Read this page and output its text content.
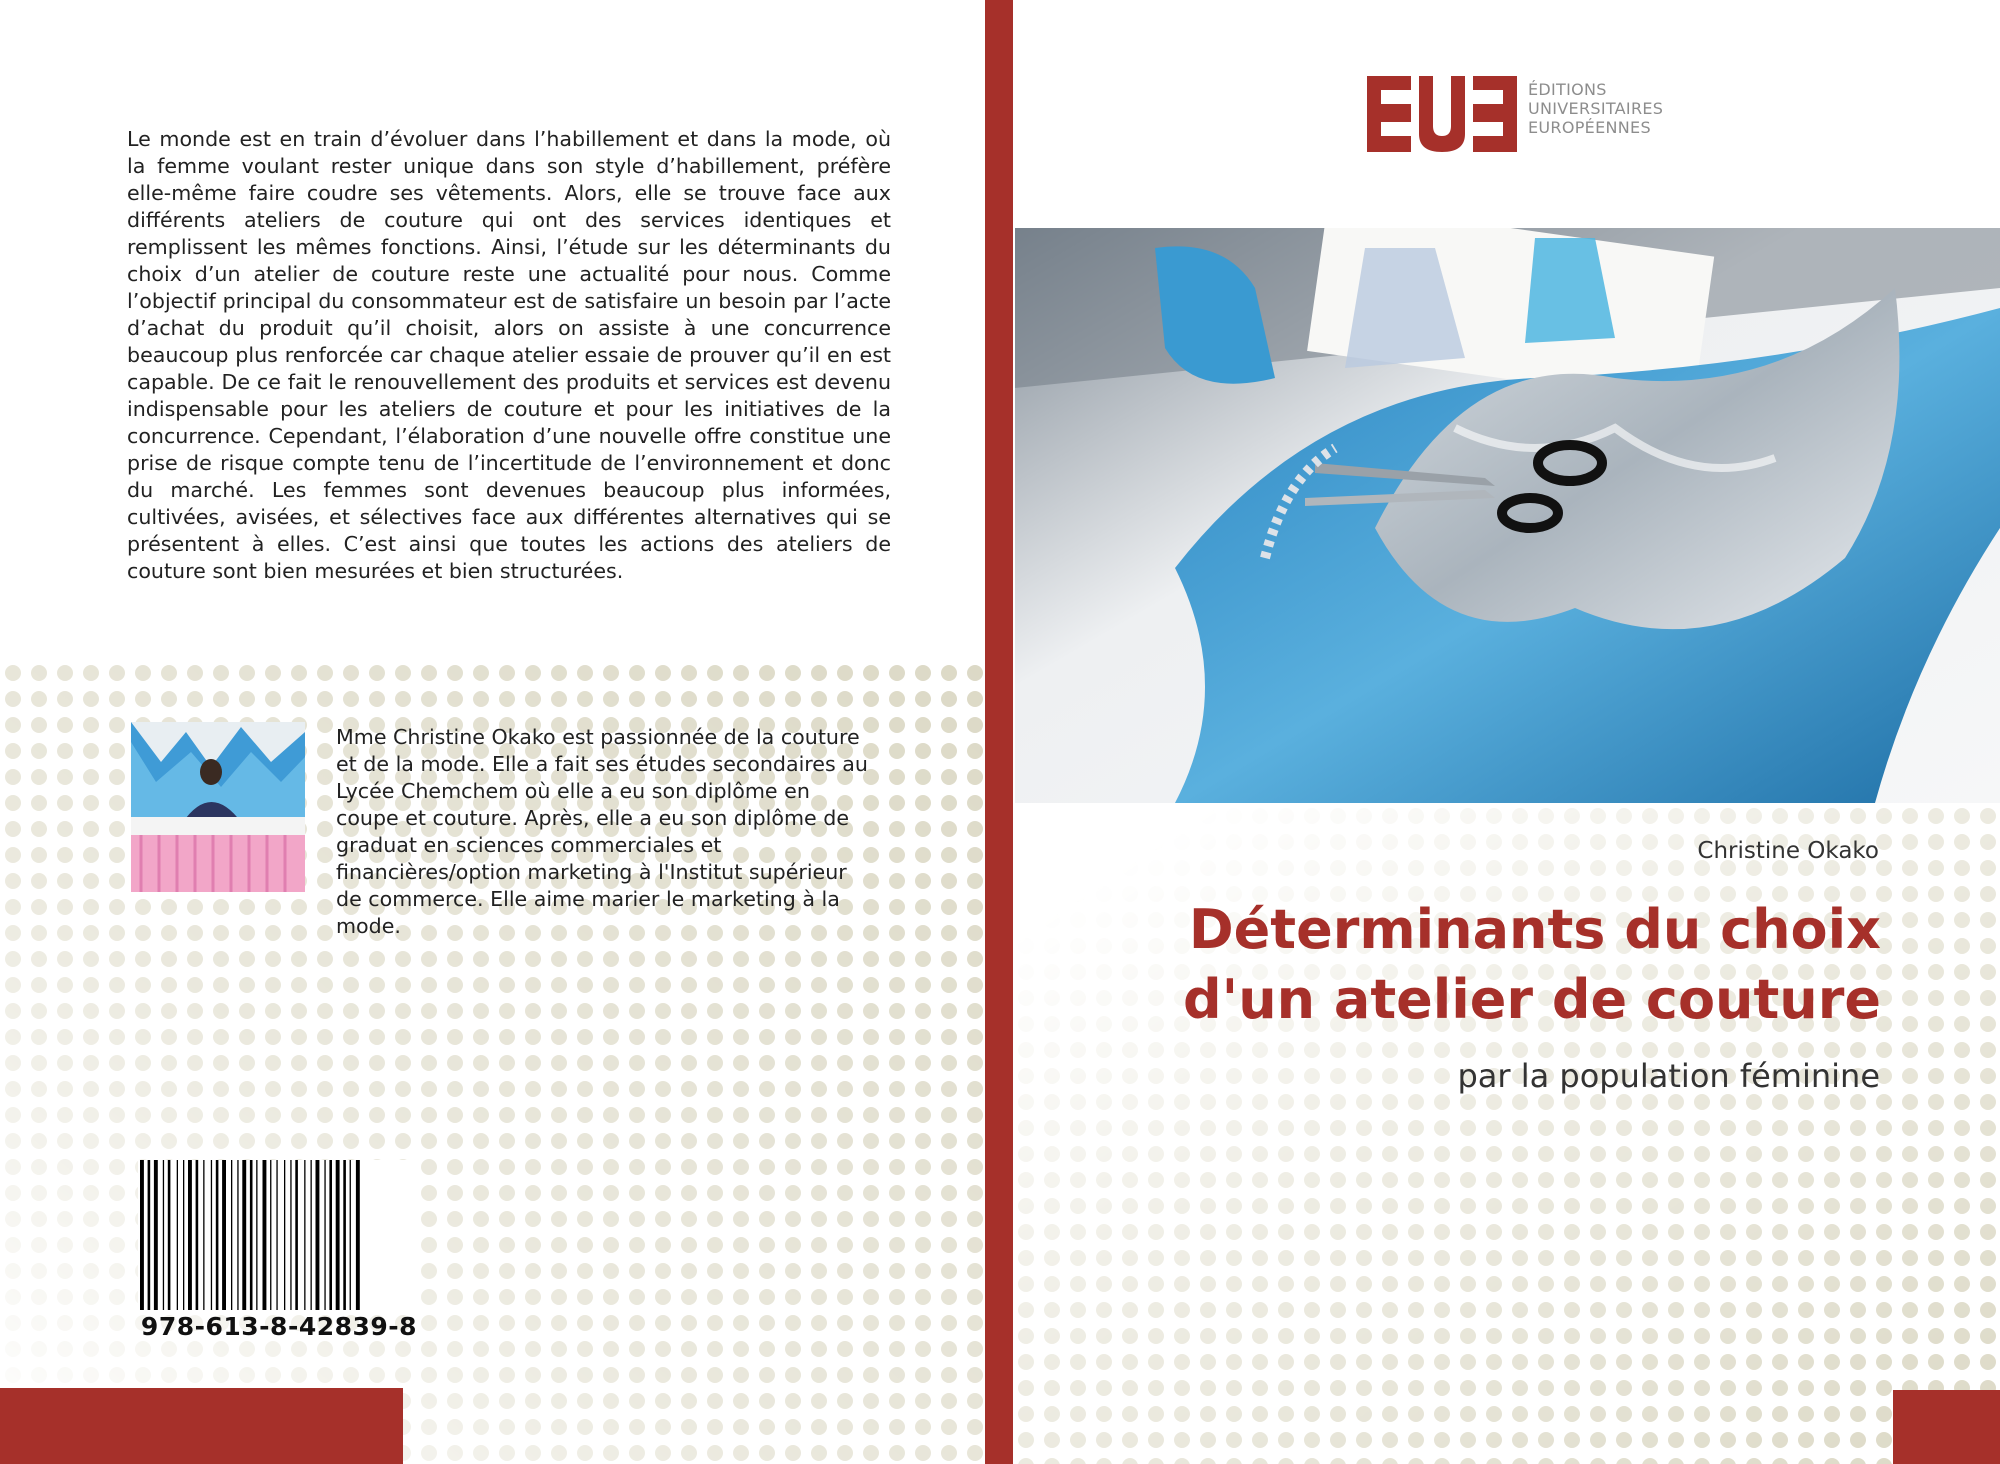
Le monde est en train d’évoluer dans l’habillement et dans la mode, où la femme voulant rester unique dans son style d’habillement, préfère elle-même faire coudre ses vêtements. Alors, elle se trouve face aux différents ateliers de couture qui ont des services identiques et remplissent les mêmes fonctions. Ainsi, l’étude sur les déterminants du choix d’un atelier de couture reste une actualité pour nous. Comme l’objectif principal du consommateur est de satisfaire un besoin par l’acte d’achat du produit qu’il choisit, alors on assiste à une concurrence beaucoup plus renforcée car chaque atelier essaie de prouver qu’il en est capable. De ce fait le renouvellement des produits et services est devenu indispensable pour les ateliers de couture et pour les initiatives de la concurrence. Cependant, l’élaboration d’une nouvelle offre constitue une prise de risque compte tenu de l’incertitude de l’environnement et donc du marché. Les femmes sont devenues beaucoup plus informées, cultivées, avisées, et sélectives face aux différentes alternatives qui se présentent à elles. C’est ainsi que toutes les actions des ateliers de couture sont bien mesurées et bien structurées.
Mme Christine Okako est passionnée de la couture et de la mode. Elle a fait ses études secondaires au Lycée Chemchem où elle a eu son diplôme en coupe et couture. Après, elle a eu son diplôme de graduat en sciences commerciales et financières/option marketing à l'Institut supérieur de commerce. Elle aime marier le marketing à la mode.
978-613-8-42839-8
ÉDITIONS
UNIVERSITAIRES
EUROPÉENNES
Christine Okako
Déterminants du choix
d'un atelier de couture
par la population féminine
